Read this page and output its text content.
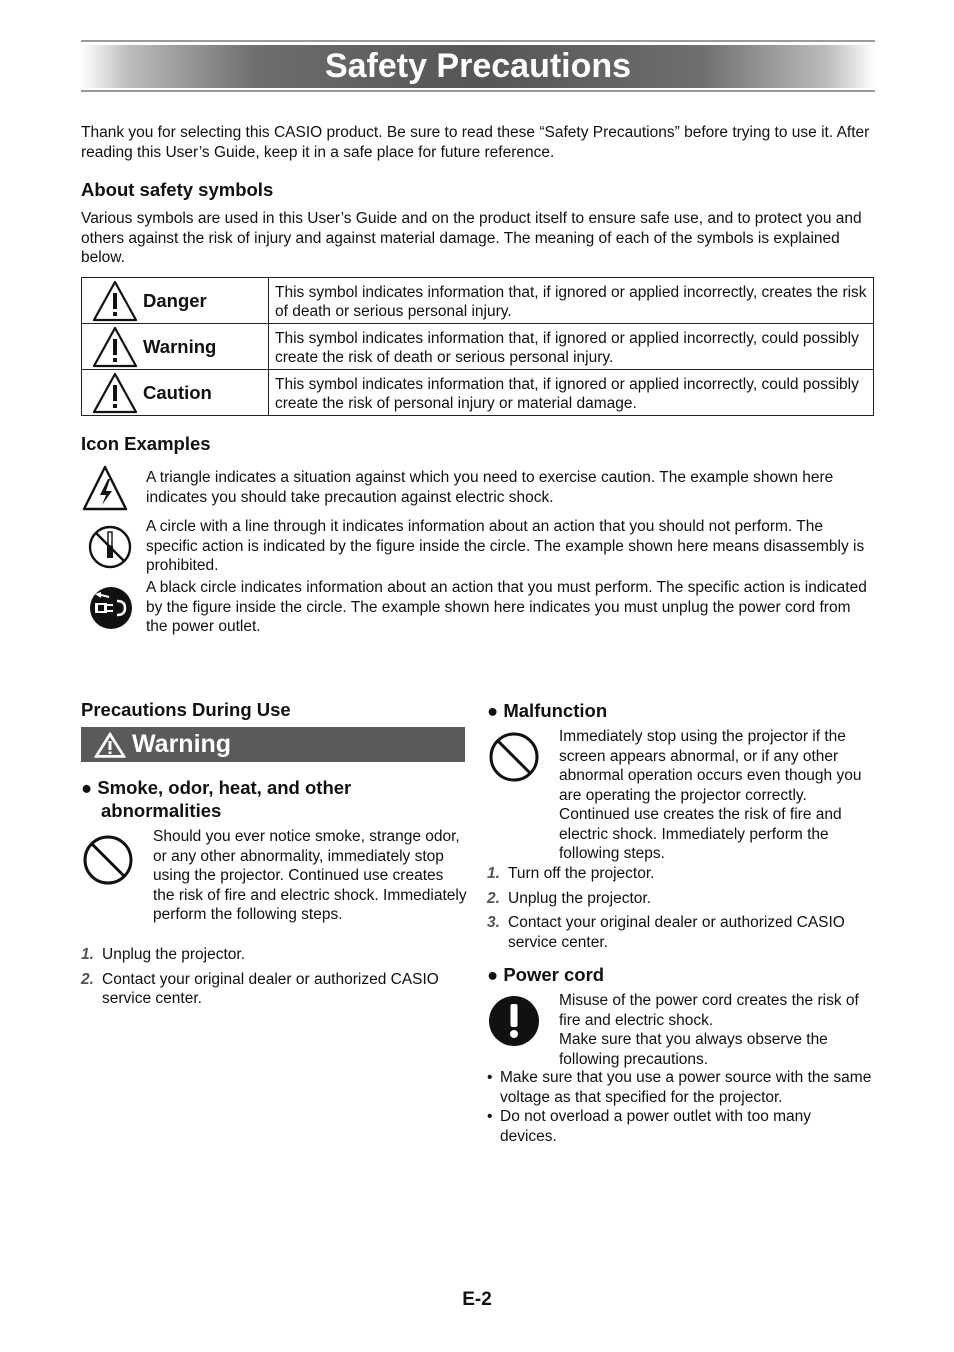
Safety Precautions
Thank you for selecting this CASIO product. Be sure to read these “Safety Precautions” before trying to use it. After reading this User’s Guide, keep it in a safe place for future reference.
About safety symbols
Various symbols are used in this User’s Guide and on the product itself to ensure safe use, and to protect you and others against the risk of injury and against material damage. The meaning of each of the symbols is explained below.
Danger	This symbol indicates information that, if ignored or applied incorrectly, creates the risk of death or serious personal injury.

Warning	This symbol indicates information that, if ignored or applied incorrectly, could possibly create the risk of death or serious personal injury.

Caution	This symbol indicates information that, if ignored or applied incorrectly, could possibly create the risk of personal injury or material damage.
Icon Examples
A triangle indicates a situation against which you need to exercise caution. The example shown here indicates you should take precaution against electric shock.
A circle with a line through it indicates information about an action that you should not perform. The specific action is indicated by the figure inside the circle. The example shown here means disassembly is prohibited.
A black circle indicates information about an action that you must perform. The specific action is indicated by the figure inside the circle. The example shown here indicates you must unplug the power cord from the power outlet.
Precautions During Use
Warning
● Smoke, odor, heat, and other
abnormalities
Should you ever notice smoke, strange odor, or any other abnormality, immediately stop using the projector. Continued use creates the risk of fire and electric shock. Immediately perform the following steps.
1. Unplug the projector.
2. Contact your original dealer or authorized CASIO service center.
● Malfunction
Immediately stop using the projector if the screen appears abnormal, or if any other abnormal operation occurs even though you are operating the projector correctly. Continued use creates the risk of fire and electric shock. Immediately perform the following steps.
1. Turn off the projector.
2. Unplug the projector.
3. Contact your original dealer or authorized CASIO service center.
● Power cord
Misuse of the power cord creates the risk of fire and electric shock.
Make sure that you always observe the following precautions.
• Make sure that you use a power source with the same voltage as that specified for the projector.
• Do not overload a power outlet with too many devices.
E-2
